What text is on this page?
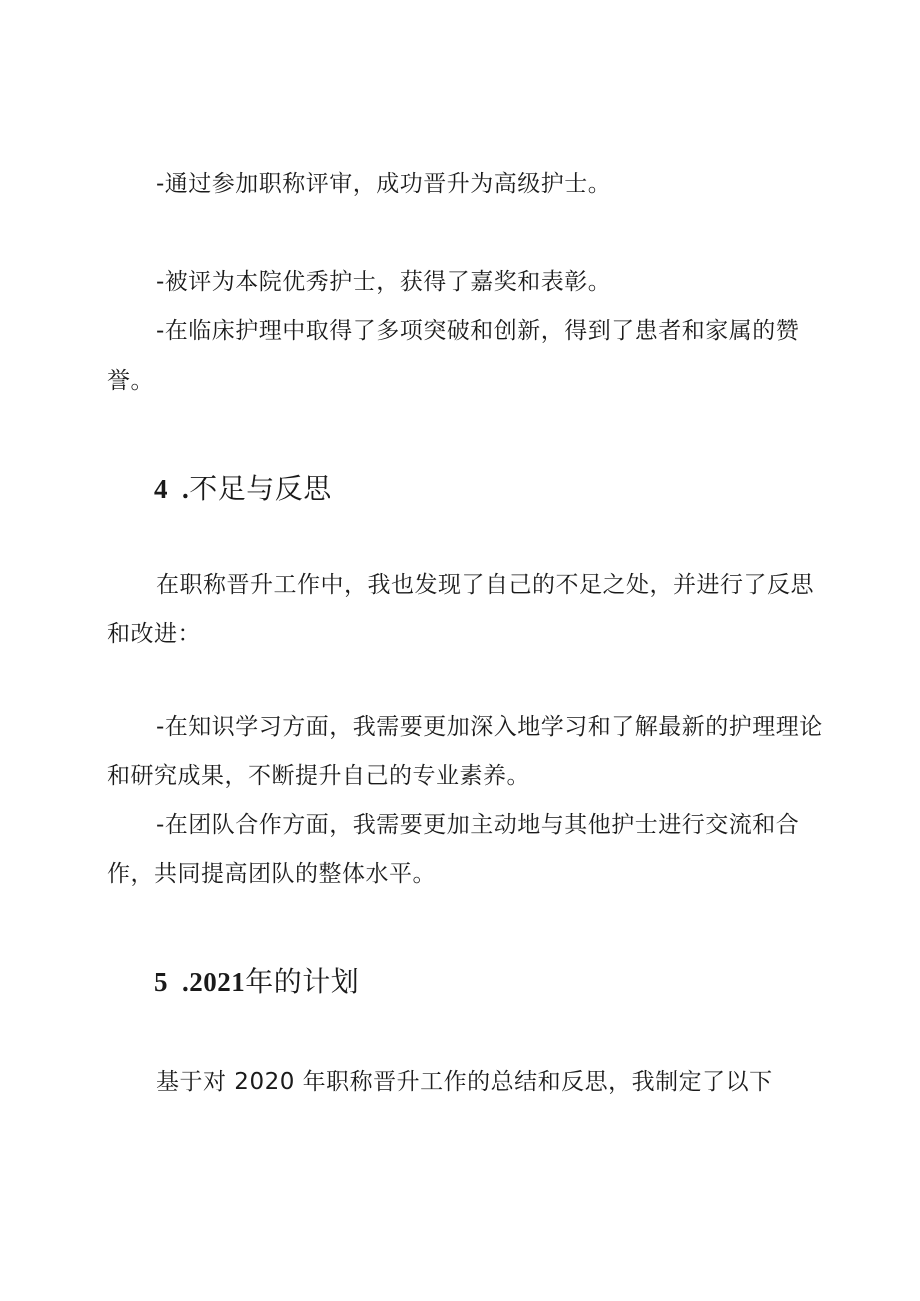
-通过参加职称评审，成功晋升为高级护士。
-被评为本院优秀护士，获得了嘉奖和表彰。
-在临床护理中取得了多项突破和创新，得到了患者和家属的赞
誉。
4 .不足与反思
在职称晋升工作中，我也发现了自己的不足之处，并进行了反思
和改进：
-在知识学习方面，我需要更加深入地学习和了解最新的护理理论
和研究成果，不断提升自己的专业素养。
-在团队合作方面，我需要更加主动地与其他护士进行交流和合
作，共同提高团队的整体水平。
5 .2021年的计划
基于对 2020 年职称晋升工作的总结和反思，我制定了以下
